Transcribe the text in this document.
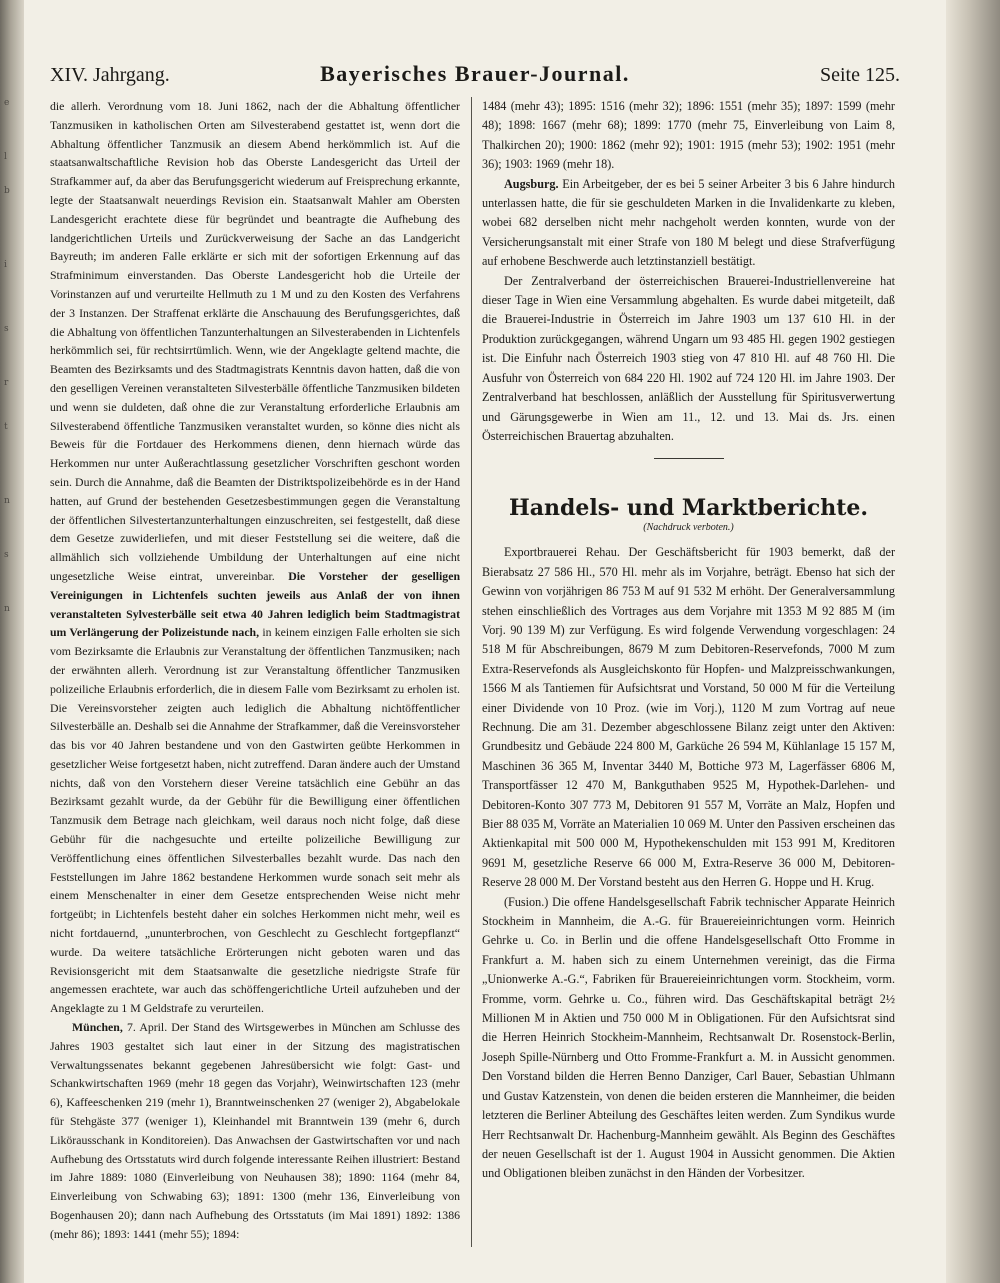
e
l
b
i
s
r
t
n
s
n
XIV. Jahrgang.	Bayerisches Brauer-Journal.	Seite 125.

die allerh. Verordnung vom 18. Juni 1862, nach der die Abhaltung öffentlicher Tanzmusiken in katholischen Orten am Silvesterabend gestattet ist, wenn dort die Abhaltung öffentlicher Tanzmusik an diesem Abend herkömmlich ist. Auf die staatsanwaltschaftliche Revision hob das Oberste Landesgericht das Urteil der Strafkammer auf, da aber das Berufungsgericht wiederum auf Freisprechung erkannte, legte der Staatsanwalt neuerdings Revision ein. Staatsanwalt Mahler am Obersten Landesgericht erachtete diese für begründet und beantragte die Aufhebung des landgerichtlichen Urteils und Zurückverweisung der Sache an das Landgericht Bayreuth; im anderen Falle erklärte er sich mit der sofortigen Erkennung auf das Strafminimum einverstanden. Das Oberste Landesgericht hob die Urteile der Vorinstanzen auf und verurteilte Hellmuth zu 1 M und zu den Kosten des Verfahrens der 3 Instanzen. Der Straffenat erklärte die Anschauung des Berufungsgerichtes, daß die Abhaltung von öffentlichen Tanzunterhaltungen an Silvesterabenden in Lichtenfels herkömmlich sei, für rechtsirrtümlich. Wenn, wie der Angeklagte geltend machte, die Beamten des Bezirksamts und des Stadtmagistrats Kenntnis davon hatten, daß die von den geselligen Vereinen veranstalteten Silvesterbälle öffentliche Tanzmusiken bildeten und wenn sie duldeten, daß ohne die zur Veranstaltung erforderliche Erlaubnis am Silvesterabend öffentliche Tanzmusiken veranstaltet wurden, so könne dies nicht als Beweis für die Fortdauer des Herkommens dienen, denn hiernach würde das Herkommen nur unter Außerachtlassung gesetzlicher Vorschriften geschont worden sein. Durch die Annahme, daß die Beamten der Distriktspolizeibehörde es in der Hand hatten, auf Grund der bestehenden Gesetzesbestimmungen gegen die Veranstaltung der öffentlichen Silvestertanzunterhaltungen einzuschreiten, sei festgestellt, daß diese dem Gesetze zuwiderliefen, und mit dieser Feststellung sei die weitere, daß die allmählich sich vollziehende Umbildung der Unterhaltungen auf eine nicht ungesetzliche Weise eintrat, unvereinbar. Die Vorsteher der geselligen Vereinigungen in Lichtenfels suchten jeweils aus Anlaß der von ihnen veranstalteten Sylvesterbälle seit etwa 40 Jahren lediglich beim Stadtmagistrat um Verlängerung der Polizeistunde nach, in keinem einzigen Falle erholten sie sich vom Bezirksamte die Erlaubnis zur Veranstaltung der öffentlichen Tanzmusiken; nach der erwähnten allerh. Verordnung ist zur Veranstaltung öffentlicher Tanzmusiken polizeiliche Erlaubnis erforderlich, die in diesem Falle vom Bezirksamt zu erholen ist. Die Vereinsvorsteher zeigten auch lediglich die Abhaltung nichtöffentlicher Silvesterbälle an. Deshalb sei die Annahme der Strafkammer, daß die Vereinsvorsteher das bis vor 40 Jahren bestandene und von den Gastwirten geübte Herkommen in gesetzlicher Weise fortgesetzt haben, nicht zutreffend. Daran ändere auch der Umstand nichts, daß von den Vorstehern dieser Vereine tatsächlich eine Gebühr an das Bezirksamt gezahlt wurde, da der Gebühr für die Bewilligung einer öffentlichen Tanzmusik dem Betrage nach gleichkam, weil daraus noch nicht folge, daß diese Gebühr für die nachgesuchte und erteilte polizeiliche Bewilligung zur Veröffentlichung eines öffentlichen Silvesterballes bezahlt wurde. Das nach den Feststellungen im Jahre 1862 bestandene Herkommen wurde sonach seit mehr als einem Menschenalter in einer dem Gesetze entsprechenden Weise nicht mehr fortgeübt; in Lichtenfels besteht daher ein solches Herkommen nicht mehr, weil es nicht fortdauernd, „ununterbrochen, von Geschlecht zu Geschlecht fortgepflanzt“ wurde. Da weitere tatsächliche Erörterungen nicht geboten waren und das Revisionsgericht mit dem Staatsanwalte die gesetzliche niedrigste Strafe für angemessen erachtete, war auch das schöffengerichtliche Urteil aufzuheben und der Angeklagte zu 1 M Geldstrafe zu verurteilen.

München, 7. April. Der Stand des Wirtsgewerbes in München am Schlusse des Jahres 1903 gestaltet sich laut einer in der Sitzung des magistratischen Verwaltungssenates bekannt gegebenen Jahresübersicht wie folgt: Gast- und Schankwirtschaften 1969 (mehr 18 gegen das Vorjahr), Weinwirtschaften 123 (mehr 6), Kaffeeschenken 219 (mehr 1), Branntweinschenken 27 (weniger 2), Abgabelokale für Stehgäste 377 (weniger 1), Kleinhandel mit Branntwein 139 (mehr 6, durch Likörausschank in Konditoreien). Das Anwachsen der Gastwirtschaften vor und nach Aufhebung des Ortsstatuts wird durch folgende interessante Reihen illustriert: Bestand im Jahre 1889: 1080 (Einverleibung von Neuhausen 38); 1890: 1164 (mehr 84, Einverleibung von Schwabing 63); 1891: 1300 (mehr 136, Einverleibung von Bogenhausen 20); dann nach Aufhebung des Ortsstatuts (im Mai 1891) 1892: 1386 (mehr 86); 1893: 1441 (mehr 55); 1894:

1484 (mehr 43); 1895: 1516 (mehr 32); 1896: 1551 (mehr 35); 1897: 1599 (mehr 48); 1898: 1667 (mehr 68); 1899: 1770 (mehr 75, Einverleibung von Laim 8, Thalkirchen 20); 1900: 1862 (mehr 92); 1901: 1915 (mehr 53); 1902: 1951 (mehr 36); 1903: 1969 (mehr 18).

Augsburg. Ein Arbeitgeber, der es bei 5 seiner Arbeiter 3 bis 6 Jahre hindurch unterlassen hatte, die für sie geschuldeten Marken in die Invalidenkarte zu kleben, wobei 682 derselben nicht mehr nachgeholt werden konnten, wurde von der Versicherungsanstalt mit einer Strafe von 180 M belegt und diese Strafverfügung auf erhobene Beschwerde auch letztinstanziell bestätigt.

Der Zentralverband der österreichischen Brauerei-Industriellenvereine hat dieser Tage in Wien eine Versammlung abgehalten. Es wurde dabei mitgeteilt, daß die Brauerei-Industrie in Österreich im Jahre 1903 um 137 610 Hl. in der Produktion zurückgegangen, während Ungarn um 93 485 Hl. gegen 1902 gestiegen ist. Die Einfuhr nach Österreich 1903 stieg von 47 810 Hl. auf 48 760 Hl. Die Ausfuhr von Österreich von 684 220 Hl. 1902 auf 724 120 Hl. im Jahre 1903. Der Zentralverband hat beschlossen, anläßlich der Ausstellung für Spiritusverwertung und Gärungsgewerbe in Wien am 11., 12. und 13. Mai ds. Jrs. einen Österreichischen Brauertag abzuhalten.

Handels- und Marktberichte.
(Nachdruck verboten.)

Exportbrauerei Rehau. Der Geschäftsbericht für 1903 bemerkt, daß der Bierabsatz 27 586 Hl., 570 Hl. mehr als im Vorjahre, beträgt. Ebenso hat sich der Gewinn von vorjährigen 86 753 M auf 91 532 M erhöht. Der Generalversammlung stehen einschließlich des Vortrages aus dem Vorjahre mit 1353 M 92 885 M (im Vorj. 90 139 M) zur Verfügung. Es wird folgende Verwendung vorgeschlagen: 24 518 M für Abschreibungen, 8679 M zum Debitoren-Reservefonds, 7000 M zum Extra-Reservefonds als Ausgleichskonto für Hopfen- und Malzpreisschwankungen, 1566 M als Tantiemen für Aufsichtsrat und Vorstand, 50 000 M für die Verteilung einer Dividende von 10 Proz. (wie im Vorj.), 1120 M zum Vortrag auf neue Rechnung. Die am 31. Dezember abgeschlossene Bilanz zeigt unter den Aktiven: Grundbesitz und Gebäude 224 800 M, Garküche 26 594 M, Kühlanlage 15 157 M, Maschinen 36 365 M, Inventar 3440 M, Bottiche 973 M, Lagerfässer 6806 M, Transportfässer 12 470 M, Bankguthaben 9525 M, Hypothek-Darlehen- und Debitoren-Konto 307 773 M, Debitoren 91 557 M, Vorräte an Malz, Hopfen und Bier 88 035 M, Vorräte an Materialien 10 069 M. Unter den Passiven erscheinen das Aktienkapital mit 500 000 M, Hypothekenschulden mit 153 991 M, Kreditoren 9691 M, gesetzliche Reserve 66 000 M, Extra-Reserve 36 000 M, Debitoren-Reserve 28 000 M. Der Vorstand besteht aus den Herren G. Hoppe und H. Krug.

(Fusion.) Die offene Handelsgesellschaft Fabrik technischer Apparate Heinrich Stockheim in Mannheim, die A.-G. für Brauereieinrichtungen vorm. Heinrich Gehrke u. Co. in Berlin und die offene Handelsgesellschaft Otto Fromme in Frankfurt a. M. haben sich zu einem Unternehmen vereinigt, das die Firma „Unionwerke A.-G.“, Fabriken für Brauereieinrichtungen vorm. Stockheim, vorm. Fromme, vorm. Gehrke u. Co., führen wird. Das Geschäftskapital beträgt 2½ Millionen M in Aktien und 750 000 M in Obligationen. Für den Aufsichtsrat sind die Herren Heinrich Stockheim-Mannheim, Rechtsanwalt Dr. Rosenstock-Berlin, Joseph Spille-Nürnberg und Otto Fromme-Frankfurt a. M. in Aussicht genommen. Den Vorstand bilden die Herren Benno Danziger, Carl Bauer, Sebastian Uhlmann und Gustav Katzenstein, von denen die beiden ersteren die Mannheimer, die beiden letzteren die Berliner Abteilung des Geschäftes leiten werden. Zum Syndikus wurde Herr Rechtsanwalt Dr. Hachenburg-Mannheim gewählt. Als Beginn des Geschäftes der neuen Gesellschaft ist der 1. August 1904 in Aussicht genommen. Die Aktien und Obligationen bleiben zunächst in den Händen der Vorbesitzer.
